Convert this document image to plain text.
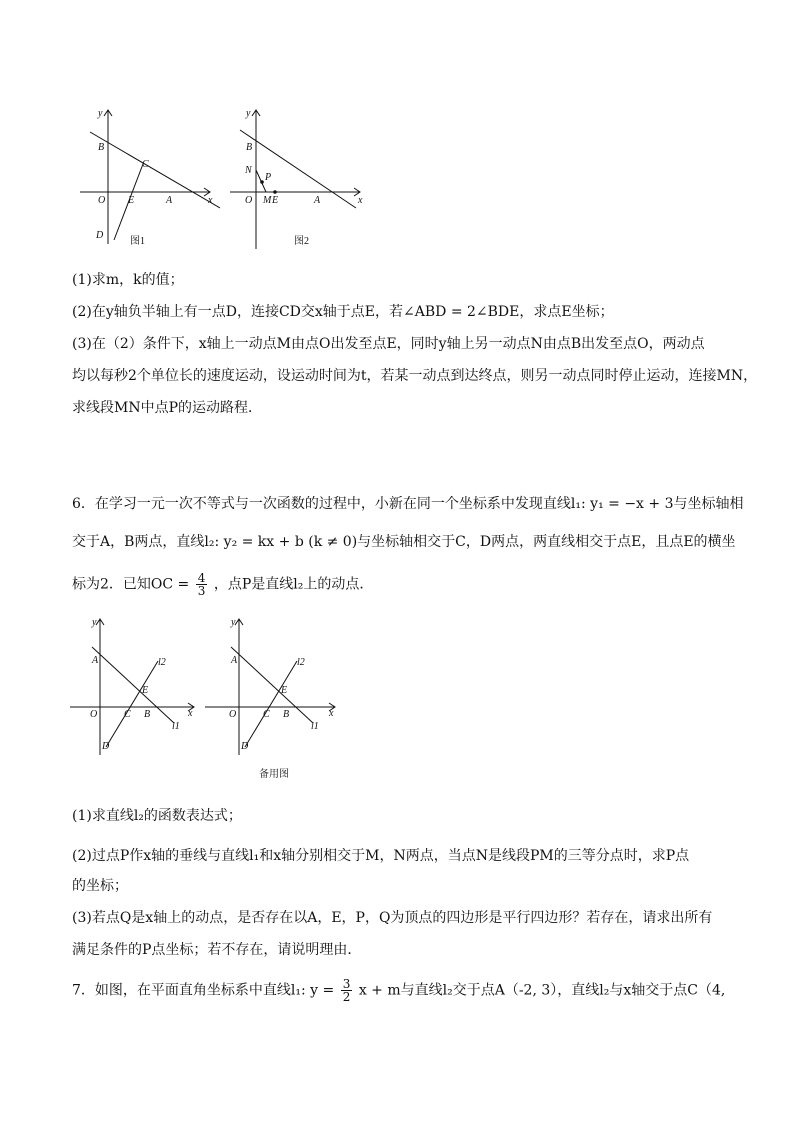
y
x
B
C
O E	A
D
图1
y
x
B
N
P
O M E	A
图2
(1)求m，k的值；
(2)在y轴负半轴上有一点D，连接CD交x轴于点E，若∠ABD = 2∠BDE，求点E坐标；
(3)在（2）条件下，x轴上一动点M由点O出发至点E，同时y轴上另一动点N由点B出发至点O，两动点
均以每秒2个单位长的速度运动，设运动时间为t，若某一动点到达终点，则另一动点同时停止运动，连接MN，
求线段MN中点P的运动路程．
6．在学习一元一次不等式与一次函数的过程中，小新在同一个坐标系中发现直线l₁: y₁ = −x + 3与坐标轴相
交于A，B两点，直线l₂: y₂ = kx + b (k ≠ 0)与坐标轴相交于C，D两点，两直线相交于点E，且点E的横坐
标为2．已知OC = $\frac{4}{3}$ ，点P是直线l₂上的动点．
y
x
A	l2
E
O	C B
l1
D
y
x
A	l2
E
O	C B
l1
D
备用图
(1)求直线l₂的函数表达式；
(2)过点P作x轴的垂线与直线l₁和x轴分别相交于M，N两点，当点N是线段PM的三等分点时，求P点
的坐标；
(3)若点Q是x轴上的动点，是否存在以A，E，P，Q为顶点的四边形是平行四边形？若存在，请求出所有
满足条件的P点坐标；若不存在，请说明理由．
7．如图，在平面直角坐标系中直线l₁: $y = \frac{3}{2}$ x + m与直线l₂交于点A（-2, 3），直线l₂与x轴交于点C（4,
